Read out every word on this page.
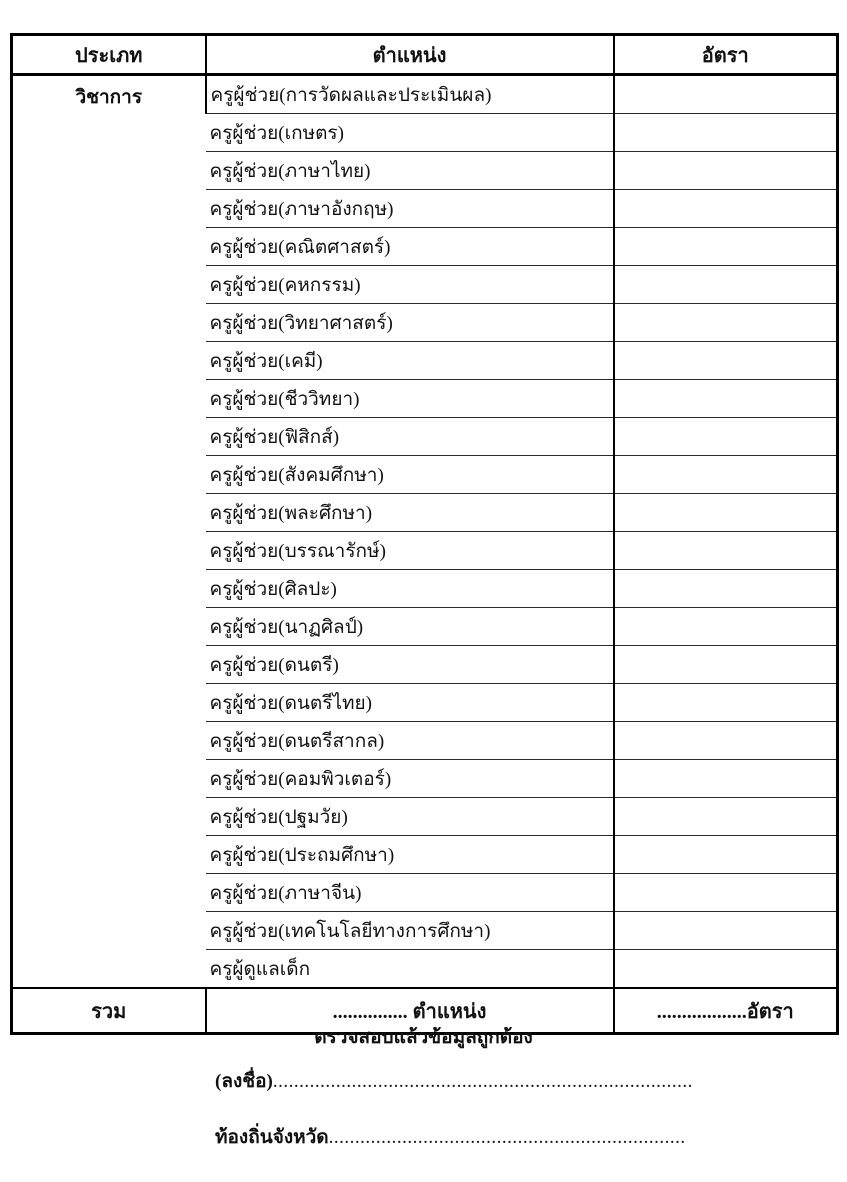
ประเภท	ตำแหน่ง	อัตรา
วิชาการ	ครูผู้ช่วย(การวัดผลและประเมินผล)	
	ครูผู้ช่วย(เกษตร)	
	ครูผู้ช่วย(ภาษาไทย)	
	ครูผู้ช่วย(ภาษาอังกฤษ)	
	ครูผู้ช่วย(คณิตศาสตร์)	
	ครูผู้ช่วย(คหกรรม)	
	ครูผู้ช่วย(วิทยาศาสตร์)	
	ครูผู้ช่วย(เคมี)	
	ครูผู้ช่วย(ชีววิทยา)	
	ครูผู้ช่วย(ฟิสิกส์)	
	ครูผู้ช่วย(สังคมศึกษา)	
	ครูผู้ช่วย(พละศึกษา)	
	ครูผู้ช่วย(บรรณารักษ์)	
	ครูผู้ช่วย(ศิลปะ)	
	ครูผู้ช่วย(นาฏศิลป์)	
	ครูผู้ช่วย(ดนตรี)	
	ครูผู้ช่วย(ดนตรีไทย)	
	ครูผู้ช่วย(ดนตรีสากล)	
	ครูผู้ช่วย(คอมพิวเตอร์)	
	ครูผู้ช่วย(ปฐมวัย)	
	ครูผู้ช่วย(ประถมศึกษา)	
	ครูผู้ช่วย(ภาษาจีน)	
	ครูผู้ช่วย(เทคโนโลยีทางการศึกษา)	
	ครูผู้ดูแลเด็ก	
รวม	............... ตำแหน่ง	..................อัตรา
ตรวจสอบแล้วข้อมูลถูกต้อง
(ลงชื่อ)................................................................................
ท้องถิ่นจังหวัด....................................................................
